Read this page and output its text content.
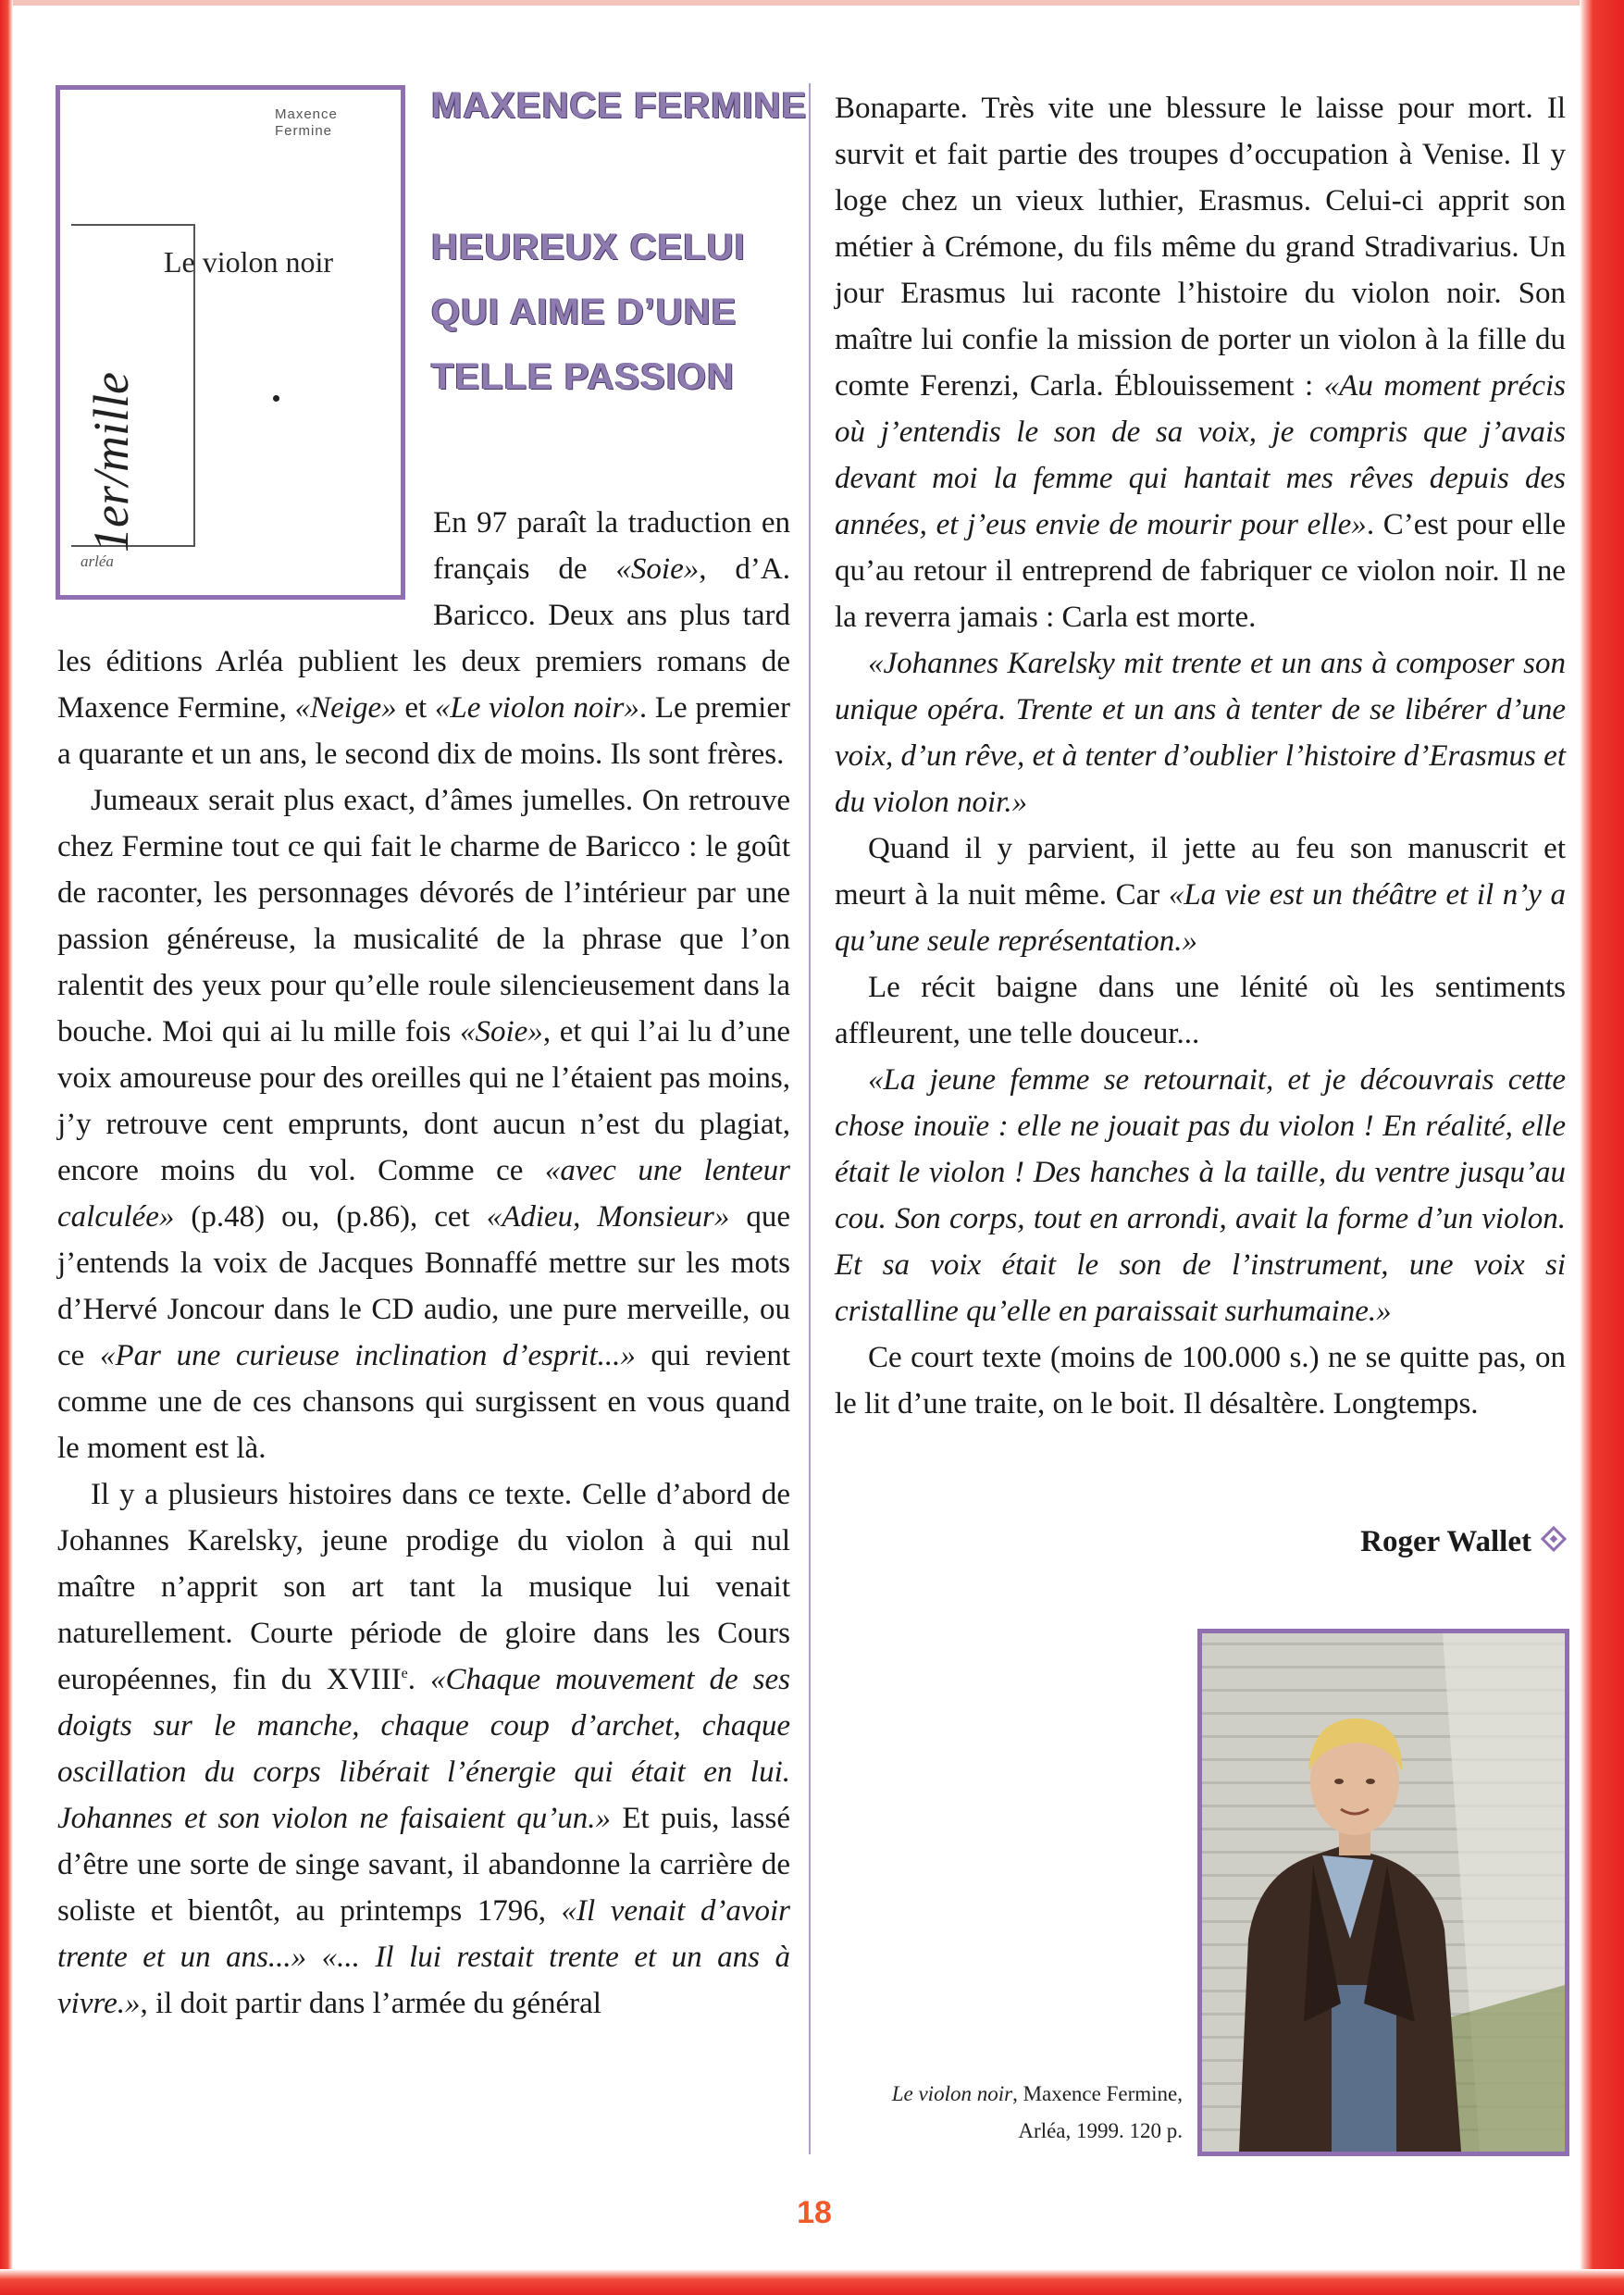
Maxence
Fermine
Le violon noir
1er/mille
arléa
MAXENCE FERMINE
HEUREUX CELUI QUI AIME D’UNE TELLE PASSION

En 97 paraît la traduction en français de «Soie», d’A. Baricco. Deux ans plus tard les éditions Arléa publient les deux premiers romans de Maxence Fermine, «Neige» et «Le violon noir». Le premier a quarante et un ans, le second dix de moins. Ils sont frères.

Jumeaux serait plus exact, d’âmes jumelles. On retrouve chez Fermine tout ce qui fait le charme de Baricco : le goût de raconter, les personnages dévorés de l’intérieur par une passion généreuse, la musicalité de la phrase que l’on ralentit des yeux pour qu’elle roule silencieusement dans la bouche. Moi qui ai lu mille fois «Soie», et qui l’ai lu d’une voix amoureuse pour des oreilles qui ne l’étaient pas moins, j’y retrouve cent emprunts, dont aucun n’est du plagiat, encore moins du vol. Comme ce «avec une lenteur calculée» (p.48) ou, (p.86), cet «Adieu, Monsieur» que j’entends la voix de Jacques Bonnaffé mettre sur les mots d’Hervé Joncour dans le CD audio, une pure merveille, ou ce «Par une curieuse inclination d’esprit...» qui revient comme une de ces chansons qui surgissent en vous quand le moment est là.

Il y a plusieurs histoires dans ce texte. Celle d’abord de Johannes Karelsky, jeune prodige du violon à qui nul maître n’apprit son art tant la musique lui venait naturellement. Courte période de gloire dans les Cours européennes, fin du XVIIIe. «Chaque mouvement de ses doigts sur le manche, chaque coup d’archet, chaque oscillation du corps libérait l’énergie qui était en lui. Johannes et son violon ne faisaient qu’un.» Et puis, lassé d’être une sorte de singe savant, il abandonne la carrière de soliste et bientôt, au printemps 1796, «Il venait d’avoir trente et un ans...» «... Il lui restait trente et un ans à vivre.», il doit partir dans l’armée du général

Bonaparte. Très vite une blessure le laisse pour mort. Il survit et fait partie des troupes d’occupation à Venise. Il y loge chez un vieux luthier, Erasmus. Celui-ci apprit son métier à Crémone, du fils même du grand Stradivarius. Un jour Erasmus lui raconte l’histoire du violon noir. Son maître lui confie la mission de porter un violon à la fille du comte Ferenzi, Carla. Éblouissement : «Au moment précis où j’entendis le son de sa voix, je compris que j’avais devant moi la femme qui hantait mes rêves depuis des années, et j’eus envie de mourir pour elle». C’est pour elle qu’au retour il entreprend de fabriquer ce violon noir. Il ne la reverra jamais : Carla est morte.

«Johannes Karelsky mit trente et un ans à composer son unique opéra. Trente et un ans à tenter de se libérer d’une voix, d’un rêve, et à tenter d’oublier l’histoire d’Erasmus et du violon noir.»

Quand il y parvient, il jette au feu son manuscrit et meurt à la nuit même. Car «La vie est un théâtre et il n’y a qu’une seule représentation.»

Le récit baigne dans une lénité où les sentiments affleurent, une telle douceur...

«La jeune femme se retournait, et je découvrais cette chose inouïe : elle ne jouait pas du violon ! En réalité, elle était le violon ! Des hanches à la taille, du ventre jusqu’au cou. Son corps, tout en arrondi, avait la forme d’un violon. Et sa voix était le son de l’instrument, une voix si cristalline qu’elle en paraissait surhumaine.»

Ce court texte (moins de 100.000 s.) ne se quitte pas, on le lit d’une traite, on le boit. Il désaltère. Longtemps.

Roger Wallet
Le violon noir, Maxence Fermine,
Arléa, 1999. 120 p.
18
